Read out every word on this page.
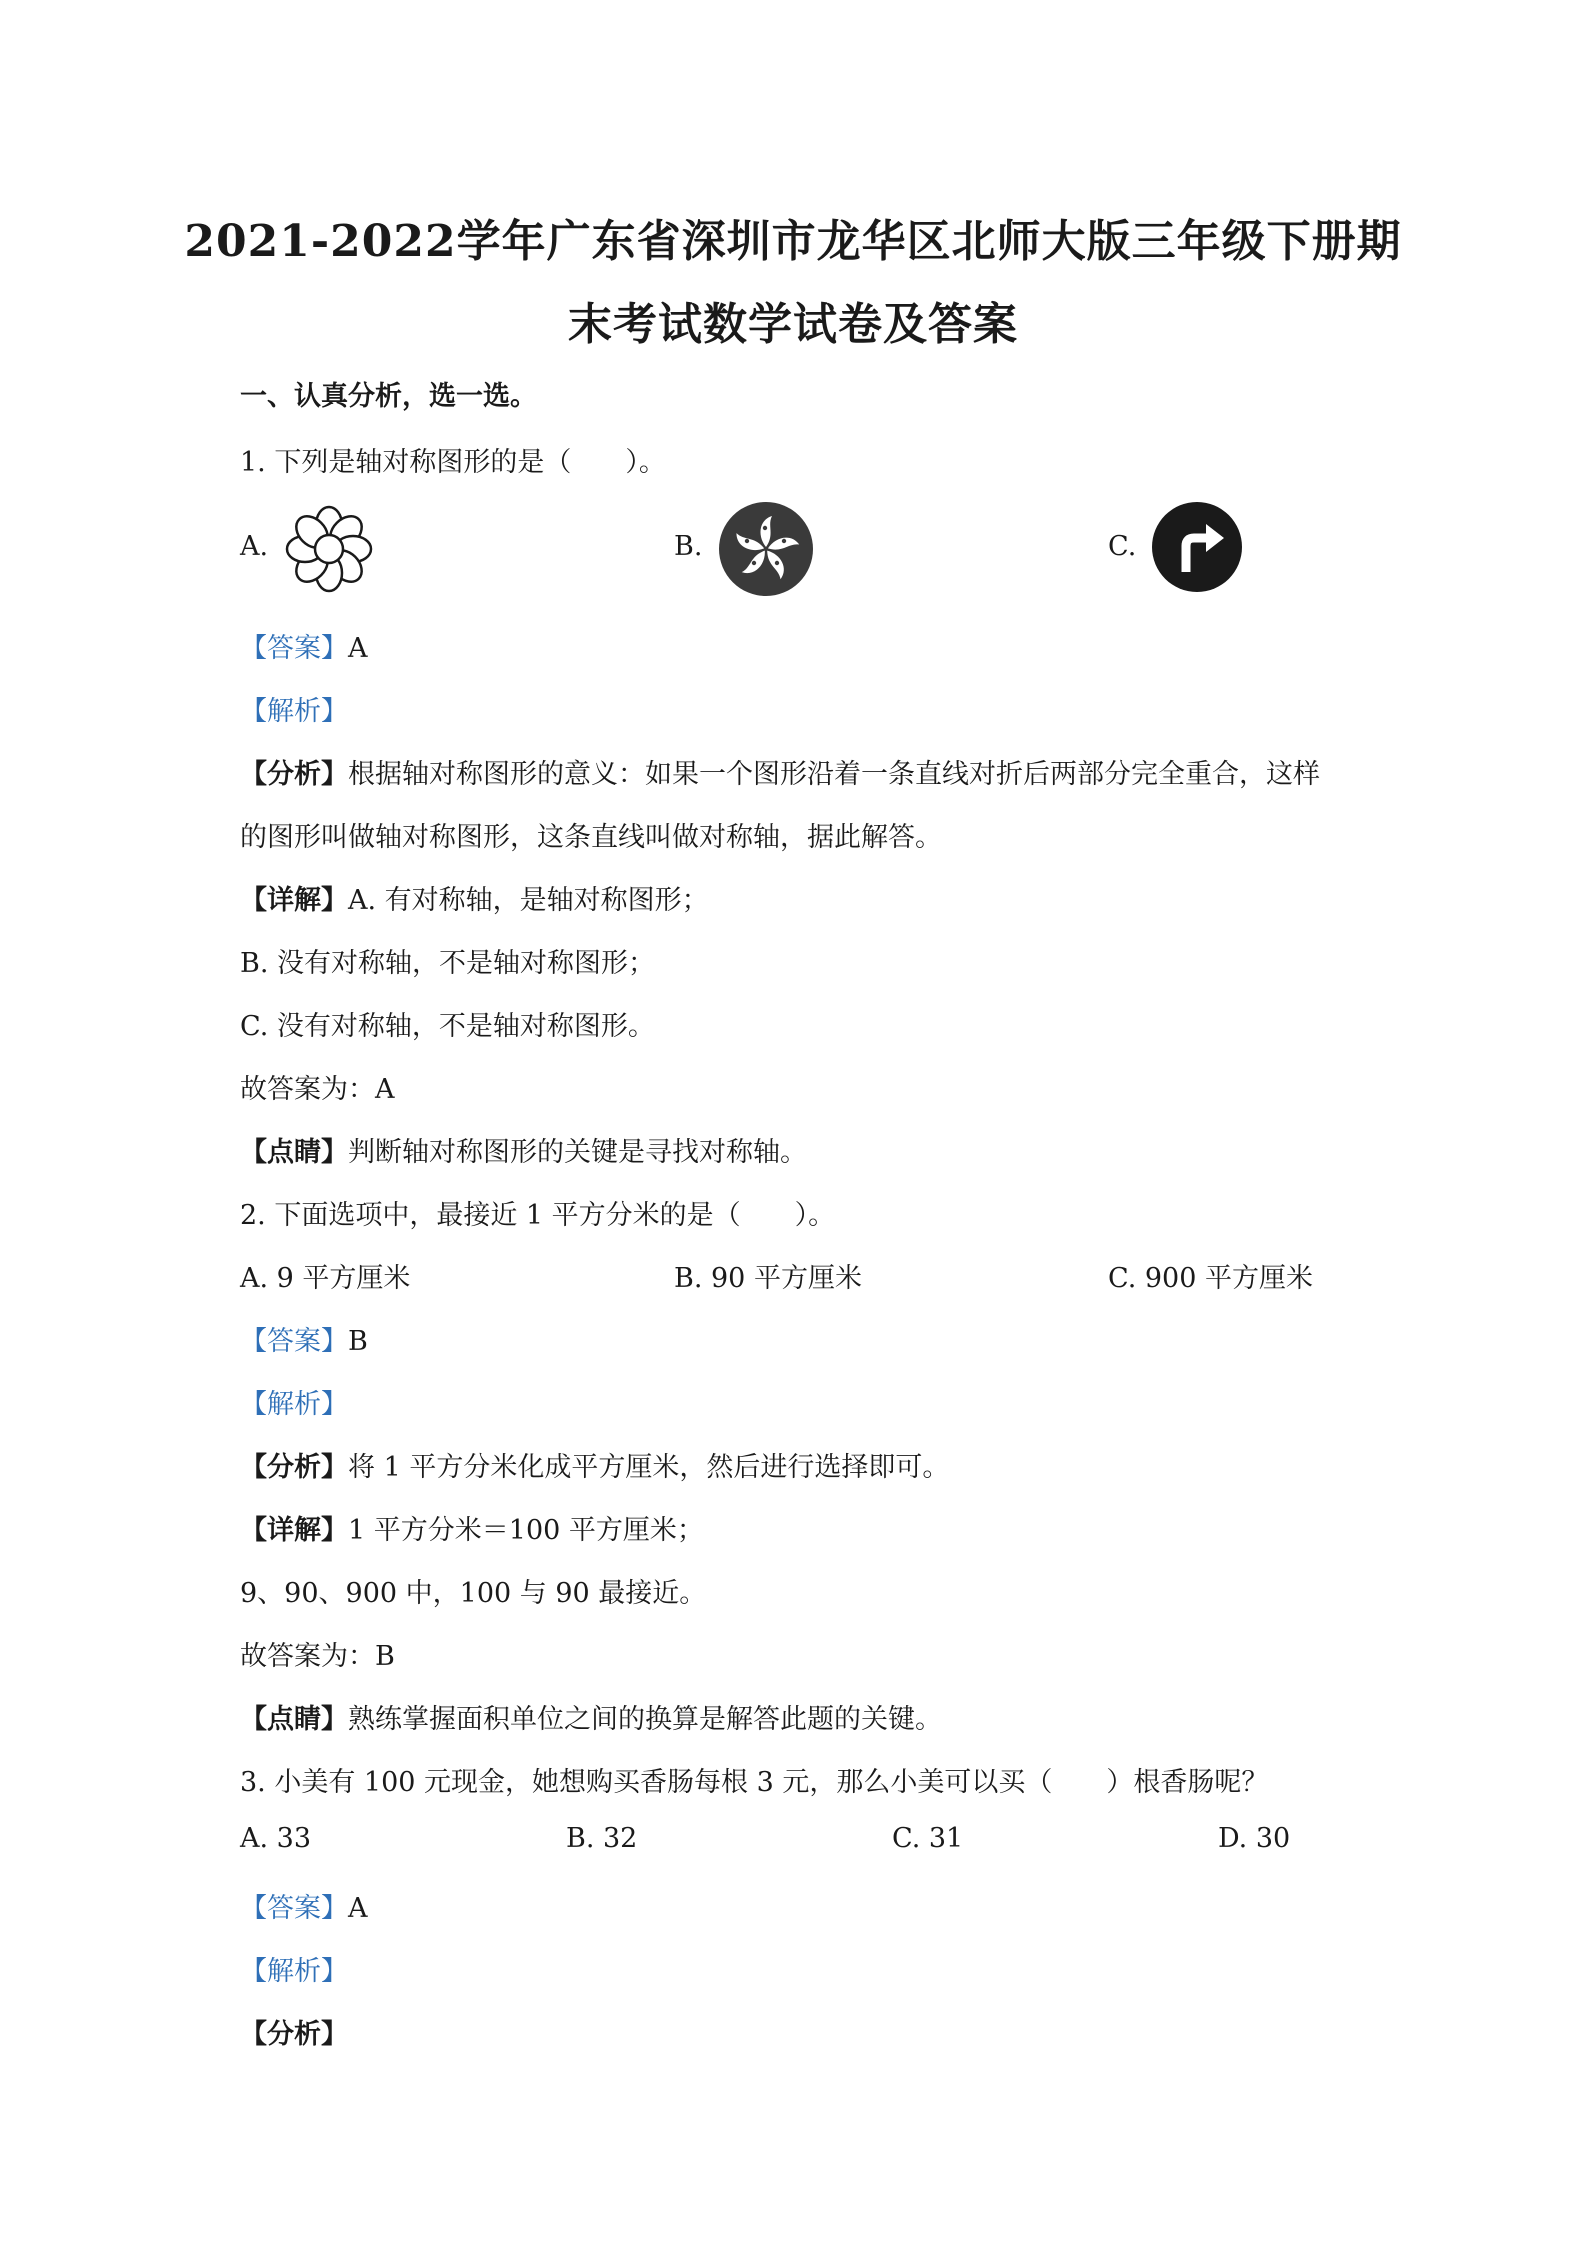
2021-2022学年广东省深圳市龙华区北师大版三年级下册期
末考试数学试卷及答案
一、认真分析，选一选。
1. 下列是轴对称图形的是（　　）。
A.	B.	C.
【答案】A
【解析】
【分析】根据轴对称图形的意义：如果一个图形沿着一条直线对折后两部分完全重合，这样
的图形叫做轴对称图形，这条直线叫做对称轴，据此解答。
【详解】A. 有对称轴，是轴对称图形；
B. 没有对称轴，不是轴对称图形；
C. 没有对称轴，不是轴对称图形。
故答案为：A
【点睛】判断轴对称图形的关键是寻找对称轴。
2. 下面选项中，最接近 1 平方分米的是（　　）。
A. 9 平方厘米	B. 90 平方厘米	C. 900 平方厘米
【答案】B
【解析】
【分析】将 1 平方分米化成平方厘米，然后进行选择即可。
【详解】1 平方分米＝100 平方厘米；
9、90、900 中，100 与 90 最接近。
故答案为：B
【点睛】熟练掌握面积单位之间的换算是解答此题的关键。
3. 小美有 100 元现金，她想购买香肠每根 3 元，那么小美可以买（　　）根香肠呢？
A. 33	B. 32	C. 31	D. 30
【答案】A
【解析】
【分析】
